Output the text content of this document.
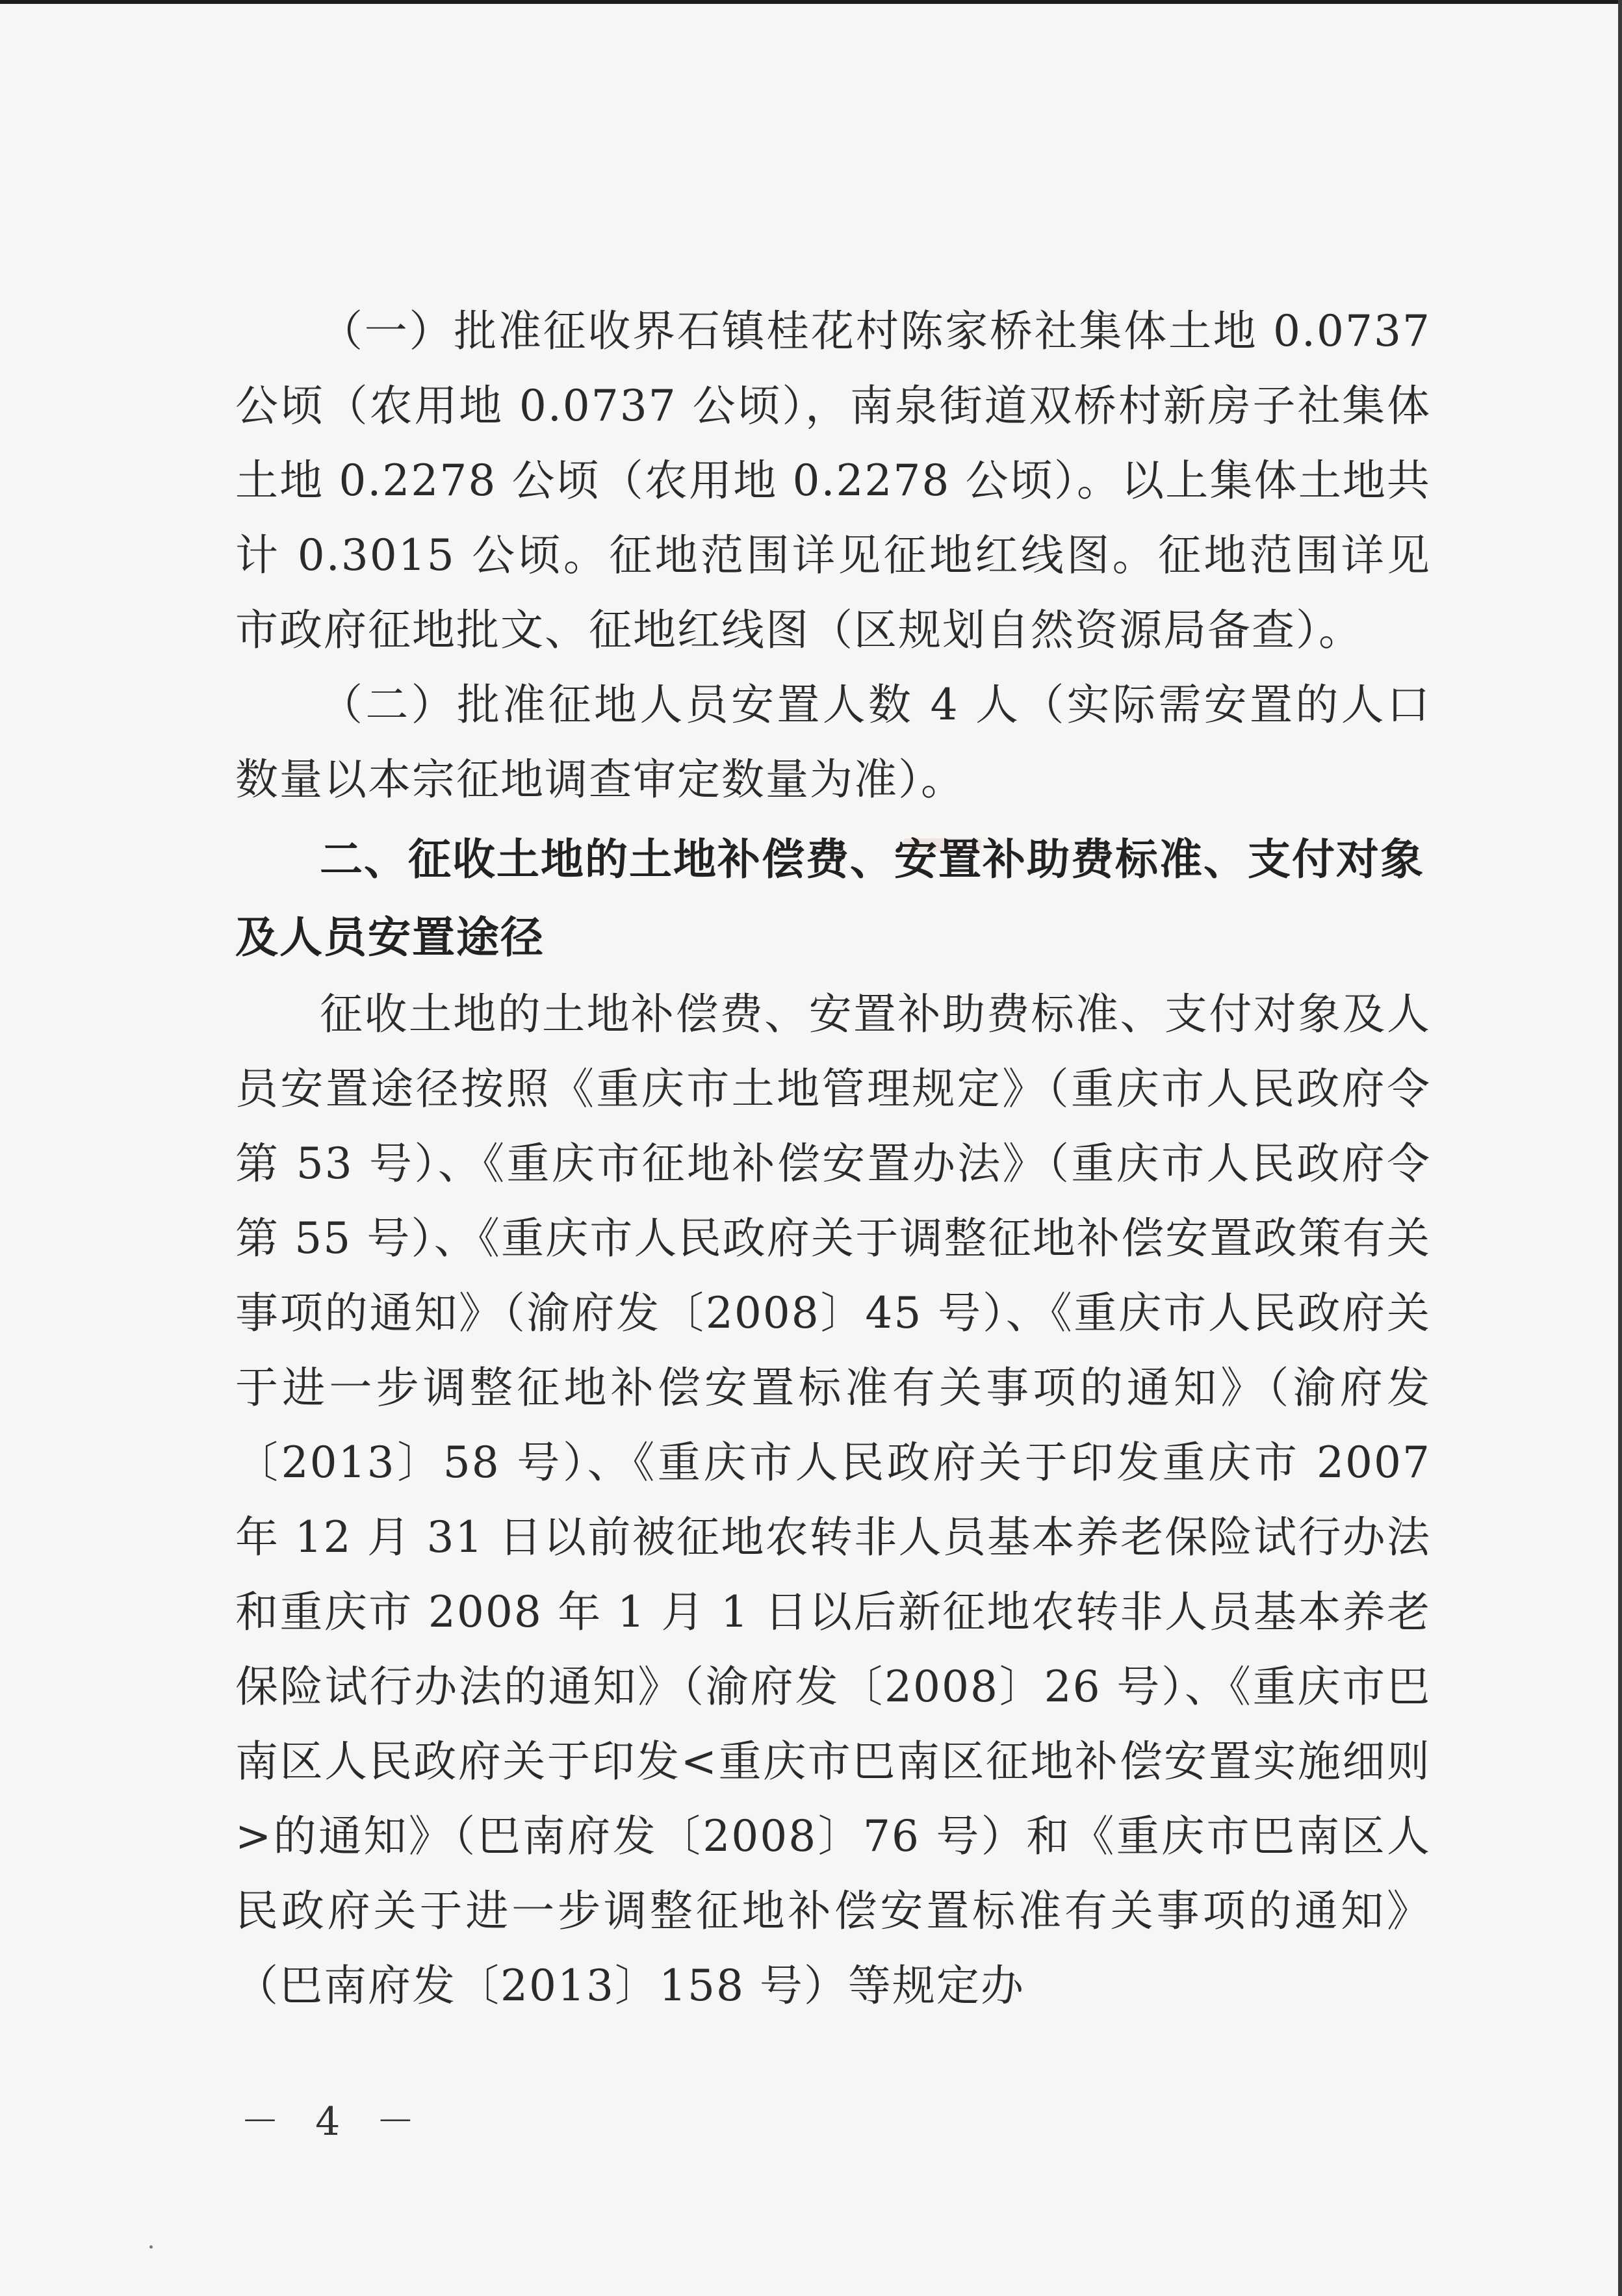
（一）批准征收界石镇桂花村陈家桥社集体土地 0.0737 公顷（农用地 0.0737 公顷），南泉街道双桥村新房子社集体土地 0.2278 公顷（农用地 0.2278 公顷）。以上集体土地共计 0.3015 公顷。征地范围详见征地红线图。征地范围详见市政府征地批文、征地红线图（区规划自然资源局备查）。

（二）批准征地人员安置人数 4 人（实际需安置的人口数量以本宗征地调查审定数量为准）。

二、征收土地的土地补偿费、安置补助费标准、支付对象及人员安置途径

征收土地的土地补偿费、安置补助费标准、支付对象及人员安置途径按照《重庆市土地管理规定》（重庆市人民政府令第 53 号）、《重庆市征地补偿安置办法》（重庆市人民政府令第 55 号）、《重庆市人民政府关于调整征地补偿安置政策有关事项的通知》（渝府发〔2008〕45 号）、《重庆市人民政府关于进一步调整征地补偿安置标准有关事项的通知》（渝府发〔2013〕58 号）、《重庆市人民政府关于印发重庆市 2007 年 12 月 31 日以前被征地农转非人员基本养老保险试行办法和重庆市 2008 年 1 月 1 日以后新征地农转非人员基本养老保险试行办法的通知》（渝府发〔2008〕26 号）、《重庆市巴南区人民政府关于印发<重庆市巴南区征地补偿安置实施细则>的通知》（巴南府发〔2008〕76 号）和《重庆市巴南区人民政府关于进一步调整征地补偿安置标准有关事项的通知》（巴南府发〔2013〕158 号）等规定办

－ 4 －
